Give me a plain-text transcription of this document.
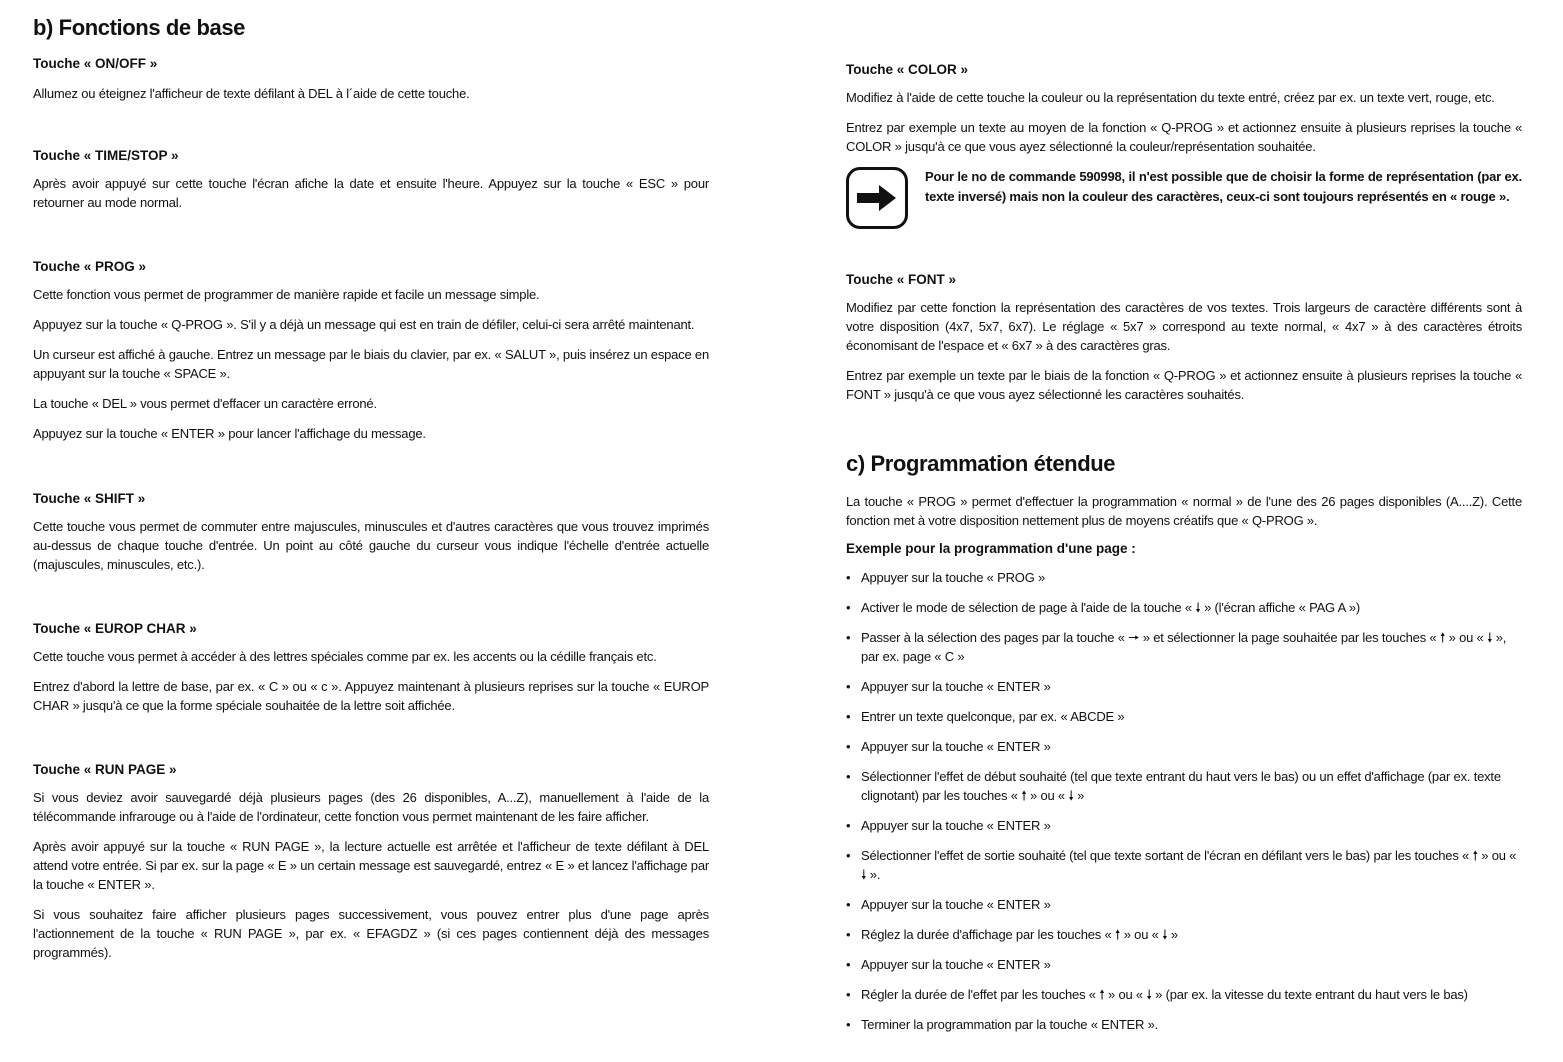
b) Fonctions de base
Touche « ON/OFF »

Allumez ou éteignez l'afficheur de texte défilant à DEL à l´aide de cette touche.

Touche « TIME/STOP »

Après avoir appuyé sur cette touche l'écran afiche la date et ensuite l'heure. Appuyez sur la touche « ESC » pour retourner au mode normal.

Touche « PROG »

Cette fonction vous permet de programmer de manière rapide et facile un message simple.

Appuyez sur la touche « Q-PROG ». S'il y a déjà un message qui est en train de défiler, celui-ci sera arrêté maintenant.

Un curseur est affiché à gauche. Entrez un message par le biais du clavier, par ex. « SALUT », puis insérez un espace en appuyant sur la touche « SPACE ».

La touche « DEL » vous permet d'effacer un caractère erroné.

Appuyez sur la touche « ENTER » pour lancer l'affichage du message.

Touche « SHIFT »

Cette touche vous permet de commuter entre majuscules, minuscules et d'autres caractères que vous trouvez imprimés au-dessus de chaque touche d'entrée. Un point au côté gauche du curseur vous indique l'échelle d'entrée actuelle (majuscules, minuscules, etc.).

Touche « EUROP CHAR »

Cette touche vous permet à accéder à des lettres spéciales comme par ex. les accents ou la cédille français etc.

Entrez d'abord la lettre de base, par ex. « C » ou « c ». Appuyez maintenant à plusieurs reprises sur la touche « EUROP CHAR » jusqu'à ce que la forme spéciale souhaitée de la lettre soit affichée.

Touche « RUN PAGE »

Si vous deviez avoir sauvegardé déjà plusieurs pages (des 26 disponibles, A...Z), manuellement à l'aide de la télécommande infrarouge ou à l'aide de l'ordinateur, cette fonction vous permet maintenant de les faire afficher.

Après avoir appuyé sur la touche « RUN PAGE », la lecture actuelle est arrêtée et l'afficheur de texte défilant à DEL attend votre entrée. Si par ex. sur la page « E » un certain message est sauvegardé, entrez « E » et lancez l'affichage par la touche « ENTER ».

Si vous souhaitez faire afficher plusieurs pages successivement, vous pouvez entrer plus d'une page après l'actionnement de la touche « RUN PAGE », par ex. « EFAGDZ » (si ces pages contiennent déjà des messages programmés).

Touche « COLOR »

Modifiez à l'aide de cette touche la couleur ou la représentation du texte entré, créez par ex. un texte vert, rouge, etc.

Entrez par exemple un texte au moyen de la fonction « Q-PROG » et actionnez ensuite à plusieurs reprises la touche « COLOR » jusqu'à ce que vous ayez sélectionné la couleur/représentation souhaitée.

Pour le no de commande 590998, il n'est possible que de choisir la forme de représentation (par ex. texte inversé) mais non la couleur des caractères, ceux-ci sont toujours représentés en « rouge ».
Touche « FONT »

Modifiez par cette fonction la représentation des caractères de vos textes. Trois largeurs de caractère différents sont à votre disposition (4x7, 5x7, 6x7). Le réglage « 5x7 » correspond au texte normal, « 4x7 » à des caractères étroits économisant de l'espace et « 6x7 » à des caractères gras.

Entrez par exemple un texte par le biais de la fonction « Q-PROG » et actionnez ensuite à plusieurs reprises la touche « FONT » jusqu'à ce que vous ayez sélectionné les caractères souhaités.

c) Programmation étendue

La touche « PROG » permet d'effectuer la programmation « normal » de l'une des 26 pages disponibles (A....Z). Cette fonction met à votre disposition nettement plus de moyens créatifs que « Q-PROG ».

Exemple pour la programmation d'une page :
• Appuyer sur la touche « PROG »
• Activer le mode de sélection de page à l'aide de la touche « 🠗 » (l'écran affiche « PAG A »)
• Passer à la sélection des pages par la touche « 🠖 » et sélectionner la page souhaitée par les touches « 🠕 » ou « 🠗 », par ex. page « C »
• Appuyer sur la touche « ENTER »
• Entrer un texte quelconque, par ex. « ABCDE »
• Appuyer sur la touche « ENTER »
• Sélectionner l'effet de début souhaité (tel que texte entrant du haut vers le bas) ou un effet d'affichage (par ex. texte clignotant) par les touches « 🠕 » ou « 🠗 »
• Appuyer sur la touche « ENTER »
• Sélectionner l'effet de sortie souhaité (tel que texte sortant de l'écran en défilant vers le bas) par les touches « 🠕 » ou « 🠗 ».
• Appuyer sur la touche « ENTER »
• Réglez la durée d'affichage par les touches « 🠕 » ou « 🠗 »
• Appuyer sur la touche « ENTER »
• Régler la durée de l'effet par les touches « 🠕 » ou « 🠗 » (par ex. la vitesse du texte entrant du haut vers le bas)
• Terminer la programmation par la touche « ENTER ».
